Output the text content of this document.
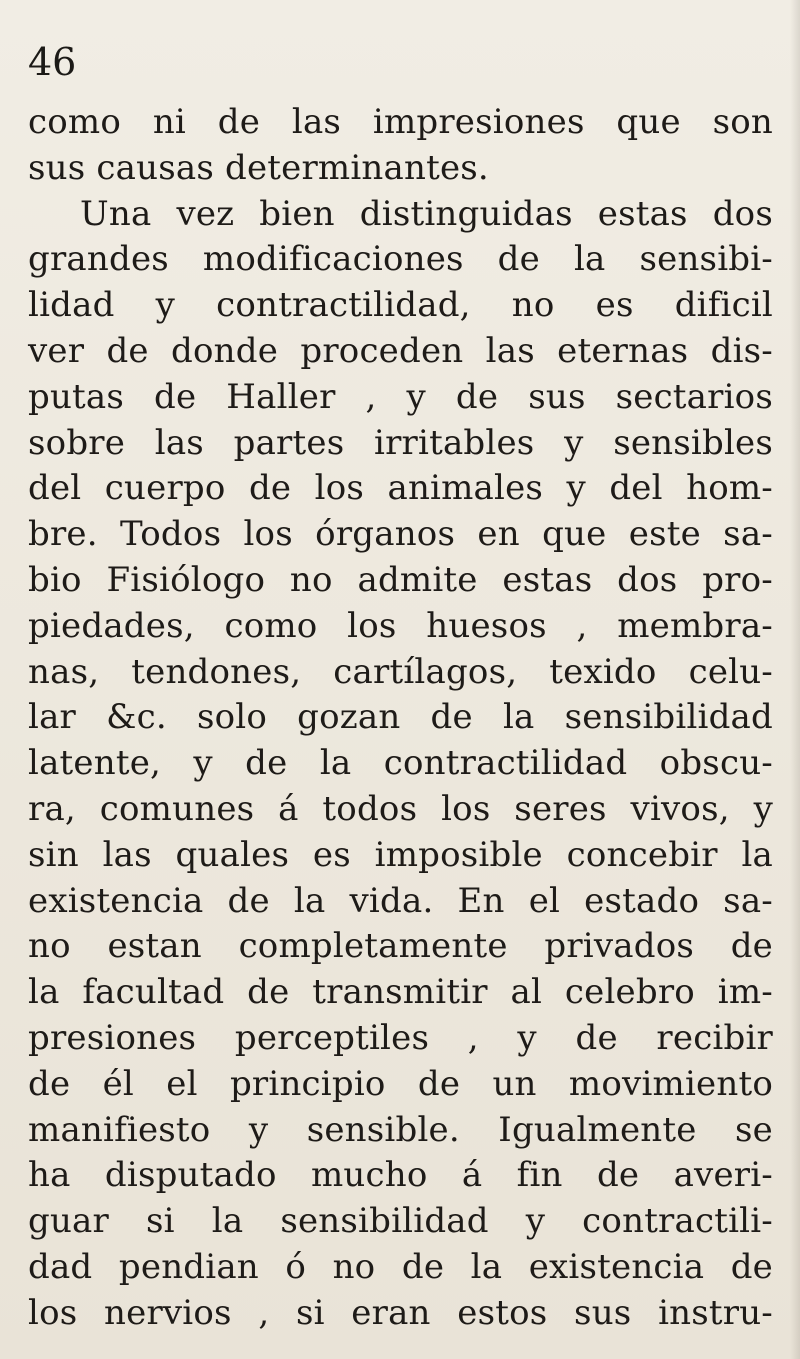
46
como ni de las impresiones que son
sus causas determinantes.
Una vez bien distinguidas estas dos
grandes modificaciones de la sensibi-
lidad y contractilidad, no es dificil
ver de donde proceden las eternas dis-
putas de Haller , y de sus sectarios
sobre las partes irritables y sensibles
del cuerpo de los animales y del hom-
bre. Todos los órganos en que este sa-
bio Fisiólogo no admite estas dos pro-
piedades, como los huesos , membra-
nas, tendones, cartílagos, texido celu-
lar &c. solo gozan de la sensibilidad
latente, y de la contractilidad obscu-
ra, comunes á todos los seres vivos, y
sin las quales es imposible concebir la
existencia de la vida. En el estado sa-
no estan completamente privados de
la facultad de transmitir al celebro im-
presiones perceptiles , y de recibir
de él el principio de un movimiento
manifiesto y sensible. Igualmente se
ha disputado mucho á fin de averi-
guar si la sensibilidad y contractili-
dad pendian ó no de la existencia de
los nervios , si eran estos sus instru-
